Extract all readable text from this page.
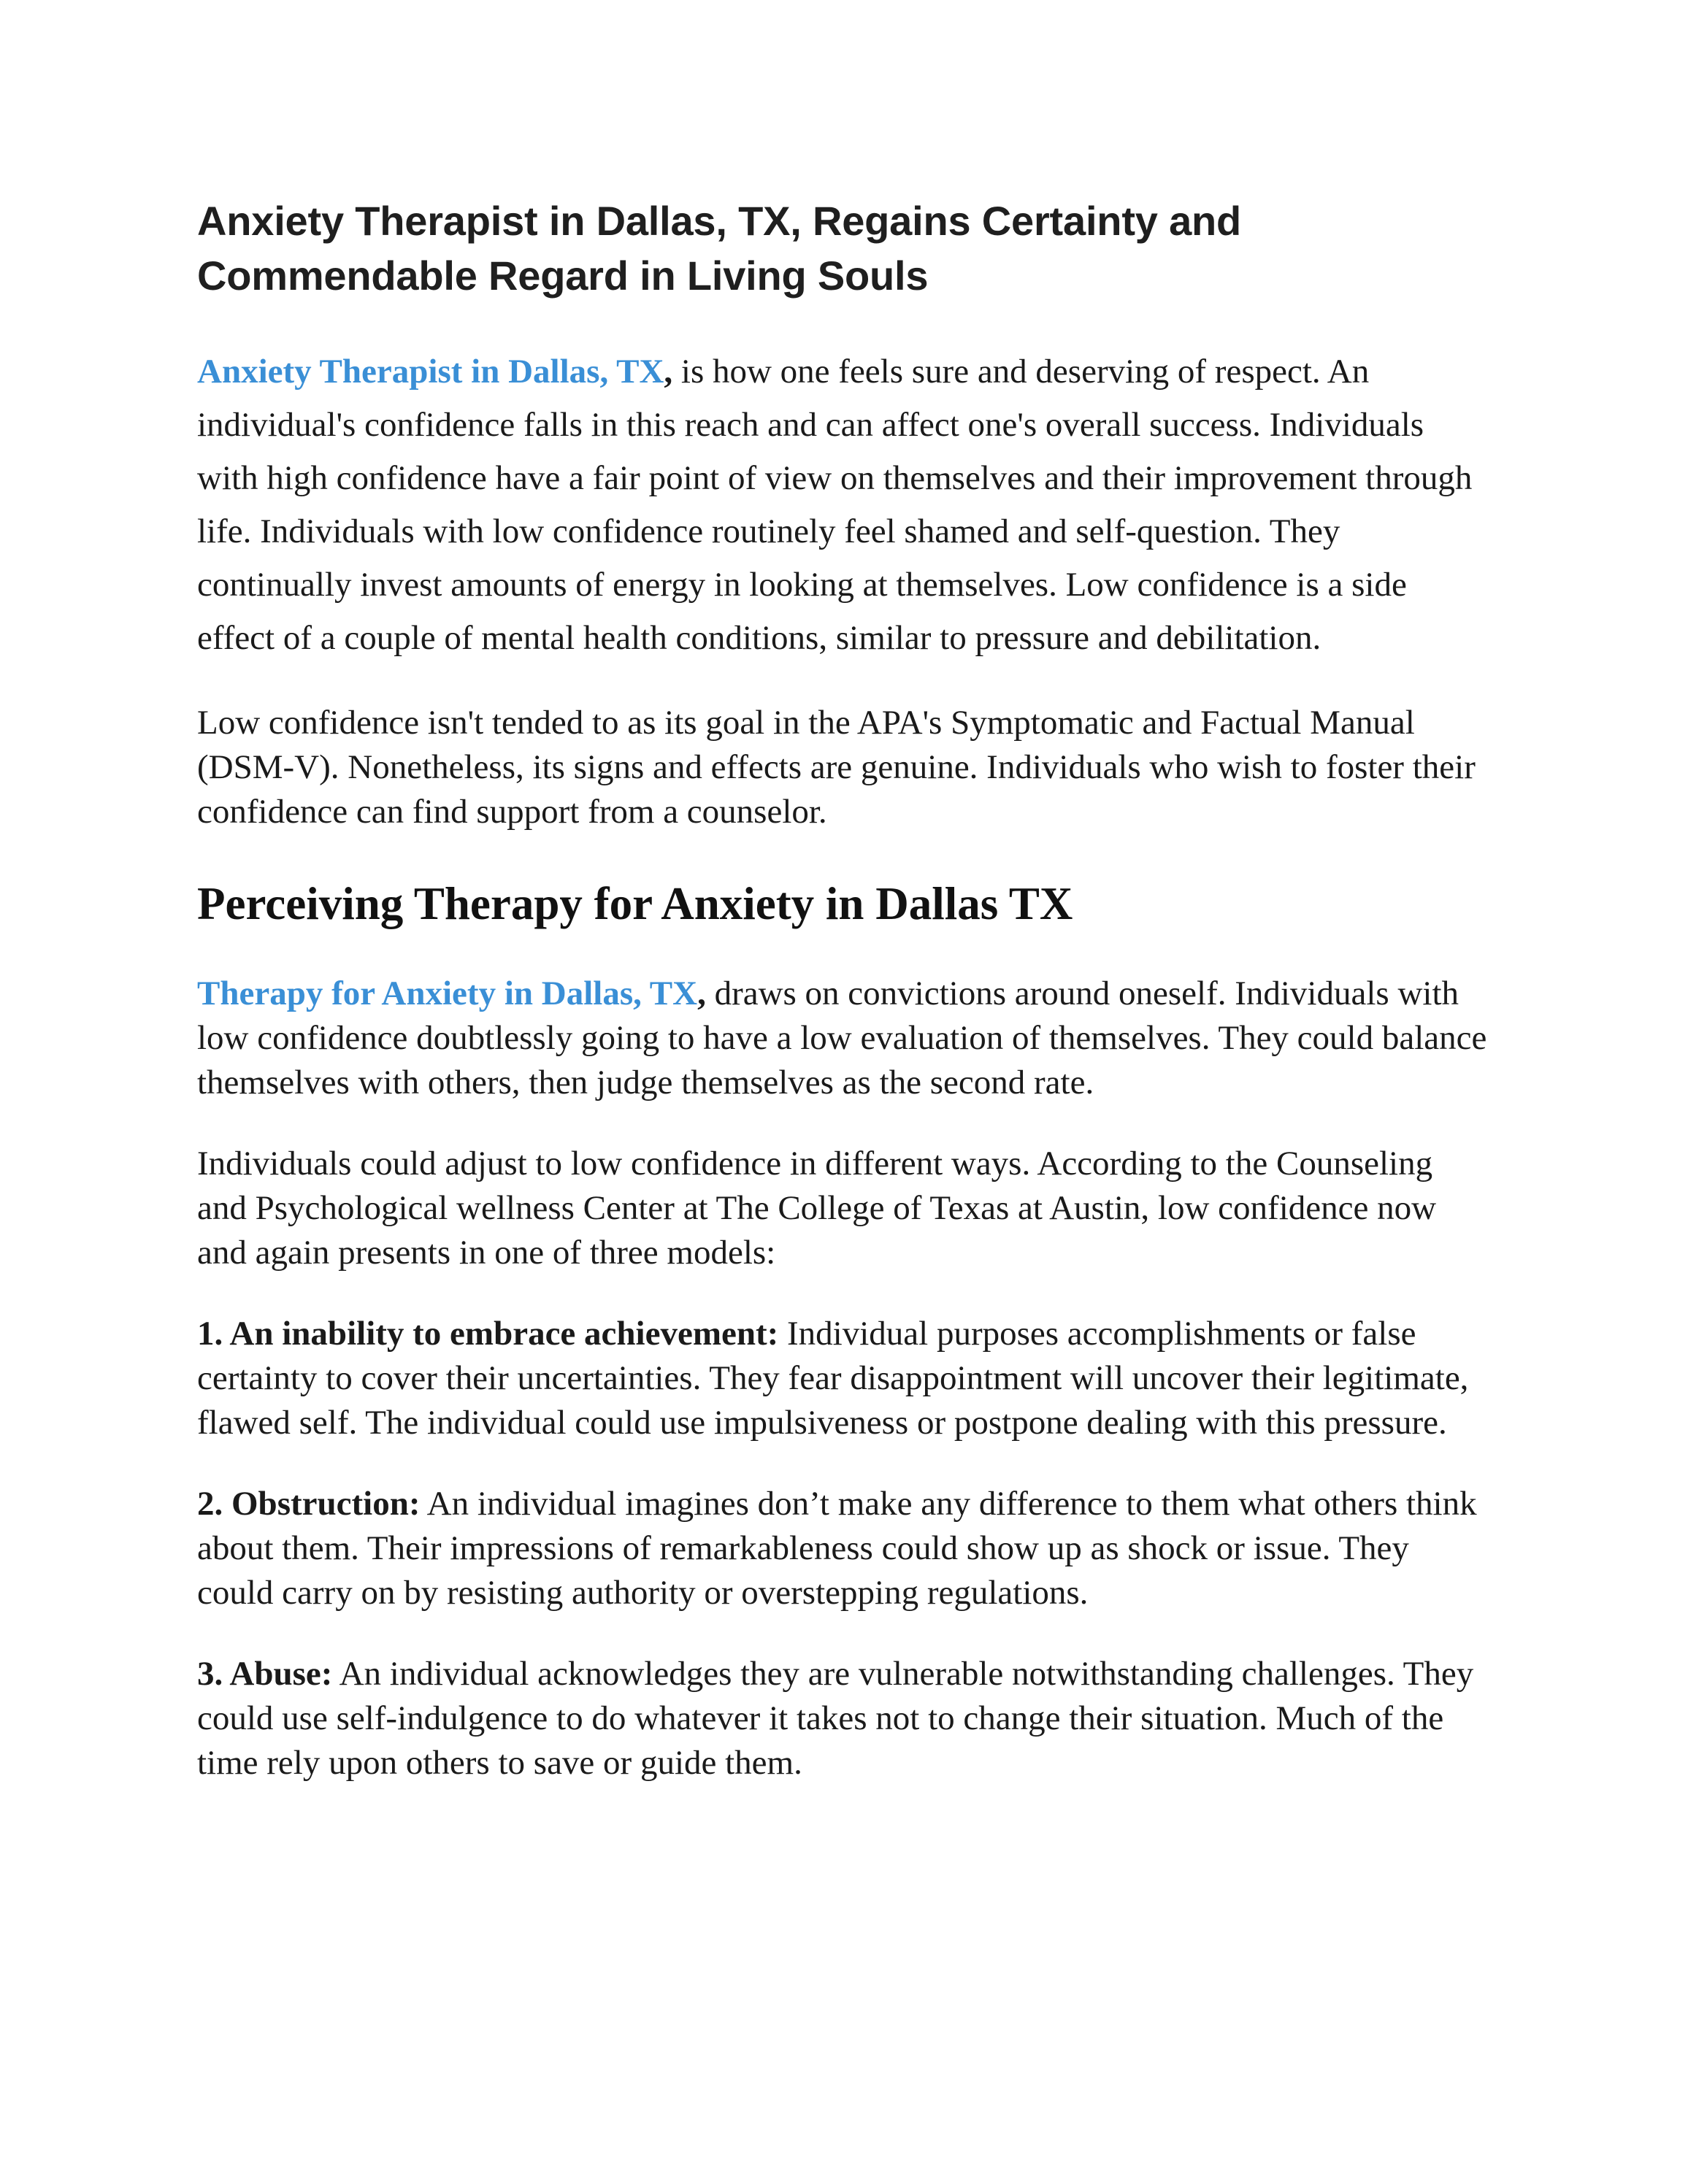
Anxiety Therapist in Dallas, TX, Regains Certainty and Commendable Regard in Living Souls

Anxiety Therapist in Dallas, TX, is how one feels sure and deserving of respect. An individual's confidence falls in this reach and can affect one's overall success. Individuals with high confidence have a fair point of view on themselves and their improvement through life. Individuals with low confidence routinely feel shamed and self-question. They continually invest amounts of energy in looking at themselves. Low confidence is a side effect of a couple of mental health conditions, similar to pressure and debilitation.

Low confidence isn't tended to as its goal in the APA's Symptomatic and Factual Manual (DSM-V). Nonetheless, its signs and effects are genuine. Individuals who wish to foster their confidence can find support from a counselor.

Perceiving Therapy for Anxiety in Dallas TX

Therapy for Anxiety in Dallas, TX, draws on convictions around oneself. Individuals with low confidence doubtlessly going to have a low evaluation of themselves. They could balance themselves with others, then judge themselves as the second rate.

Individuals could adjust to low confidence in different ways. According to the Counseling and Psychological wellness Center at The College of Texas at Austin, low confidence now and again presents in one of three models:

1. An inability to embrace achievement: Individual purposes accomplishments or false certainty to cover their uncertainties. They fear disappointment will uncover their legitimate, flawed self. The individual could use impulsiveness or postpone dealing with this pressure.

2. Obstruction: An individual imagines don’t make any difference to them what others think about them. Their impressions of remarkableness could show up as shock or issue. They could carry on by resisting authority or overstepping regulations.

3. Abuse: An individual acknowledges they are vulnerable notwithstanding challenges. They could use self-indulgence to do whatever it takes not to change their situation. Much of the time rely upon others to save or guide them.
